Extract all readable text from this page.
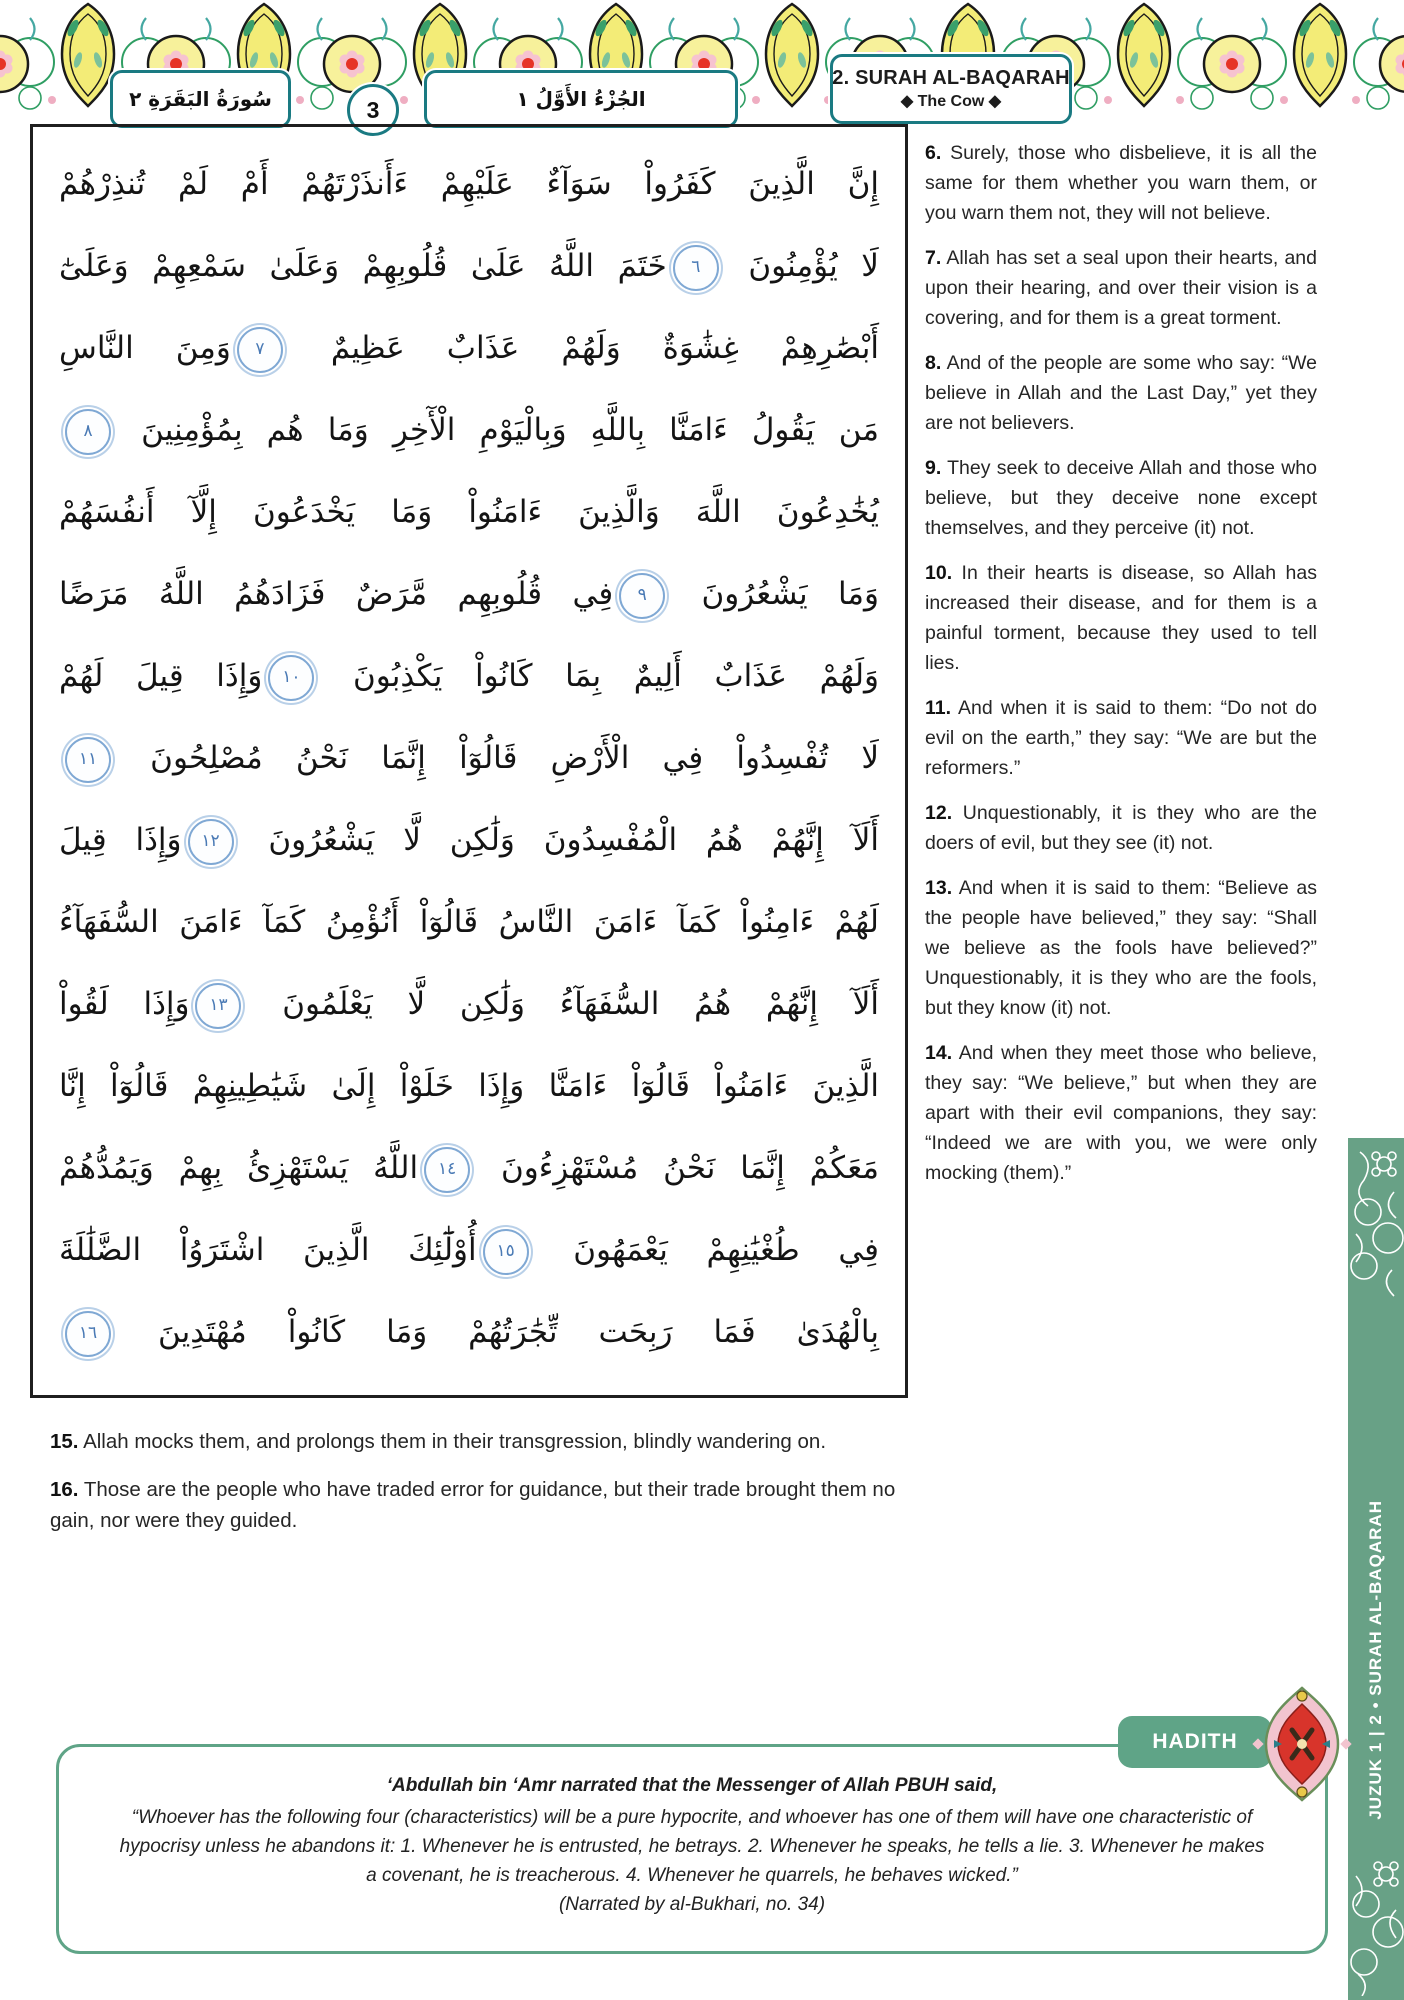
سُورَةُ البَقَرَةِ ٢	3	الجُزْءُ الأَوَّلُ ١
2. SURAH AL-BAQARAH
◆ The Cow ◆
إِنَّ الَّذِينَ كَفَرُواْ سَوَآءٌ عَلَيْهِمْ ءَأَنذَرْتَهُمْ أَمْ لَمْ تُنذِرْهُمْ
لَا يُؤْمِنُونَ ٦خَتَمَ اللَّهُ عَلَىٰ قُلُوبِهِمْ وَعَلَىٰ سَمْعِهِمْ وَعَلَىٰٓ
أَبْصَٰرِهِمْ غِشَٰوَةٌ وَلَهُمْ عَذَابٌ عَظِيمٌ ٧وَمِنَ النَّاسِ
مَن يَقُولُ ءَامَنَّا بِاللَّهِ وَبِالْيَوْمِ الْأٓخِرِ وَمَا هُم بِمُؤْمِنِينَ ٨
يُخَٰدِعُونَ اللَّهَ وَالَّذِينَ ءَامَنُواْ وَمَا يَخْدَعُونَ إِلَّآ أَنفُسَهُمْ
وَمَا يَشْعُرُونَ ٩فِي قُلُوبِهِم مَّرَضٌ فَزَادَهُمُ اللَّهُ مَرَضًا
وَلَهُمْ عَذَابٌ أَلِيمٌ بِمَا كَانُواْ يَكْذِبُونَ ١٠وَإِذَا قِيلَ لَهُمْ
لَا تُفْسِدُواْ فِي الْأَرْضِ قَالُوٓاْ إِنَّمَا نَحْنُ مُصْلِحُونَ ١١
أَلَآ إِنَّهُمْ هُمُ الْمُفْسِدُونَ وَلَٰكِن لَّا يَشْعُرُونَ ١٢وَإِذَا قِيلَ
لَهُمْ ءَامِنُواْ كَمَآ ءَامَنَ النَّاسُ قَالُوٓاْ أَنُؤْمِنُ كَمَآ ءَامَنَ السُّفَهَآءُ
أَلَآ إِنَّهُمْ هُمُ السُّفَهَآءُ وَلَٰكِن لَّا يَعْلَمُونَ ١٣وَإِذَا لَقُواْ
الَّذِينَ ءَامَنُواْ قَالُوٓاْ ءَامَنَّا وَإِذَا خَلَوْاْ إِلَىٰ شَيَٰطِينِهِمْ قَالُوٓاْ إِنَّا
مَعَكُمْ إِنَّمَا نَحْنُ مُسْتَهْزِءُونَ ١٤اللَّهُ يَسْتَهْزِئُ بِهِمْ وَيَمُدُّهُمْ
فِي طُغْيَٰنِهِمْ يَعْمَهُونَ ١٥أُوْلَٰٓئِكَ الَّذِينَ اشْتَرَوُاْ الضَّلَٰلَةَ
بِالْهُدَىٰ فَمَا رَبِحَت تِّجَٰرَتُهُمْ وَمَا كَانُواْ مُهْتَدِينَ ١٦

6. Surely, those who disbelieve, it is all the same for them whether you warn them, or you warn them not, they will not believe.

7. Allah has set a seal upon their hearts, and upon their hearing, and over their vision is a covering, and for them is a great torment.

8. And of the people are some who say: “We believe in Allah and the Last Day,” yet they are not believers.

9. They seek to deceive Allah and those who believe, but they deceive none except themselves, and they perceive (it) not.

10. In their hearts is disease, so Allah has increased their disease, and for them is a painful torment, because they used to tell lies.

11. And when it is said to them: “Do not do evil on the earth,” they say: “We are but the reformers.”

12. Unquestionably, it is they who are the doers of evil, but they see (it) not.

13. And when it is said to them: “Believe as the people have believed,” they say: “Shall we believe as the fools have believed?” Unquestionably, it is they who are the fools, but they know (it) not.

14. And when they meet those who believe, they say: “We believe,” but when they are apart with their evil companions, they say: “Indeed we are with you, we were only mocking (them).”

15. Allah mocks them, and prolongs them in their transgression, blindly wandering on.

16. Those are the people who have traded error for guidance, but their trade brought them no gain, nor were they guided.	JUZUK 1 | 2 • SURAH AL-BAQARAH
‘Abdullah bin ‘Amr narrated that the Messenger of Allah PBUH said,
“Whoever has the following four (characteristics) will be a pure hypocrite, and whoever has one of them will have one characteristic of hypocrisy unless he abandons it: 1. Whenever he is entrusted, he betrays. 2. Whenever he speaks, he tells a lie. 3. Whenever he makes a covenant, he is treacherous. 4. Whenever he quarrels, he behaves wicked.”
(Narrated by al-Bukhari, no. 34)
HADITH
